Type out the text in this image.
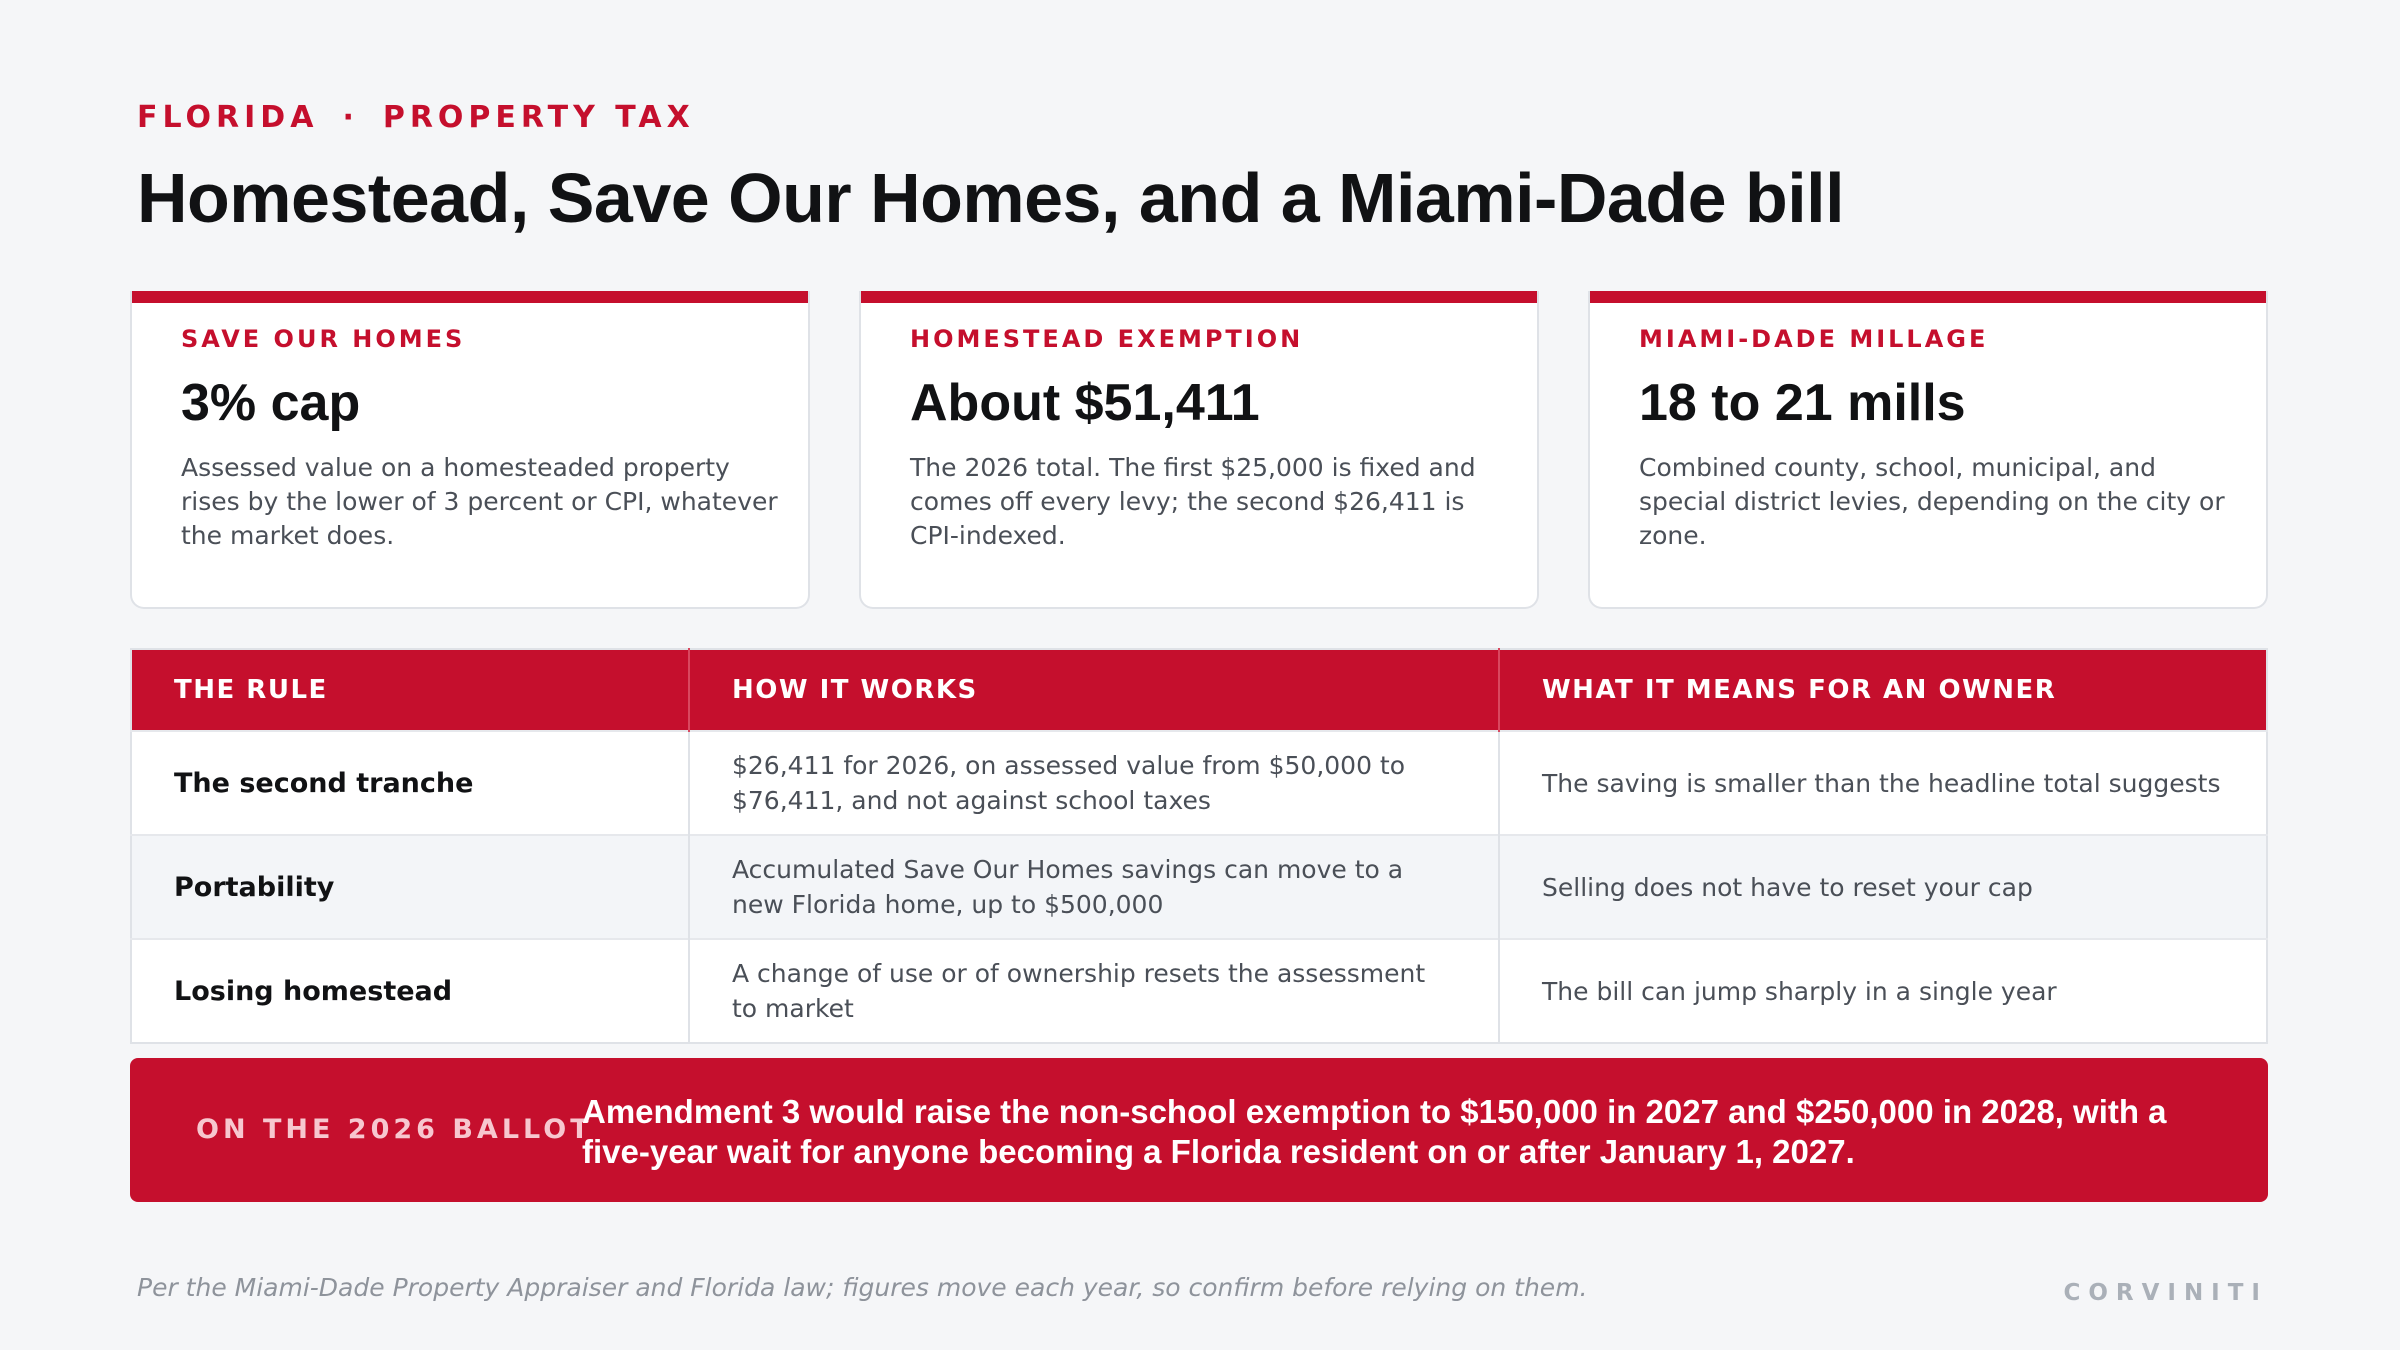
FLORIDA · PROPERTY TAX
Homestead, Save Our Homes, and a Miami-Dade bill
SAVE OUR HOMES
3% cap
Assessed value on a homesteaded property rises by the lower of 3 percent or CPI, whatever the market does.
HOMESTEAD EXEMPTION
About $51,411
The 2026 total. The first $25,000 is fixed and comes off every levy; the second $26,411 is CPI-indexed.
MIAMI-DADE MILLAGE
18 to 21 mills
Combined county, school, municipal, and special district levies, depending on the city or zone.
THE RULE	HOW IT WORKS	WHAT IT MEANS FOR AN OWNER
The second tranche	$26,411 for 2026, on assessed value from $50,000 to $76,411, and not against school taxes	The saving is smaller than the headline total suggests
Portability	Accumulated Save Our Homes savings can move to a new Florida home, up to $500,000	Selling does not have to reset your cap
Losing homestead	A change of use or of ownership resets the assessment to market	The bill can jump sharply in a single year
ON THE 2026 BALLOT
Amendment 3 would raise the non-school exemption to $150,000 in 2027 and $250,000 in 2028, with a five-year wait for anyone becoming a Florida resident on or after January 1, 2027.
Per the Miami-Dade Property Appraiser and Florida law; figures move each year, so confirm before relying on them.	CORVINITI
